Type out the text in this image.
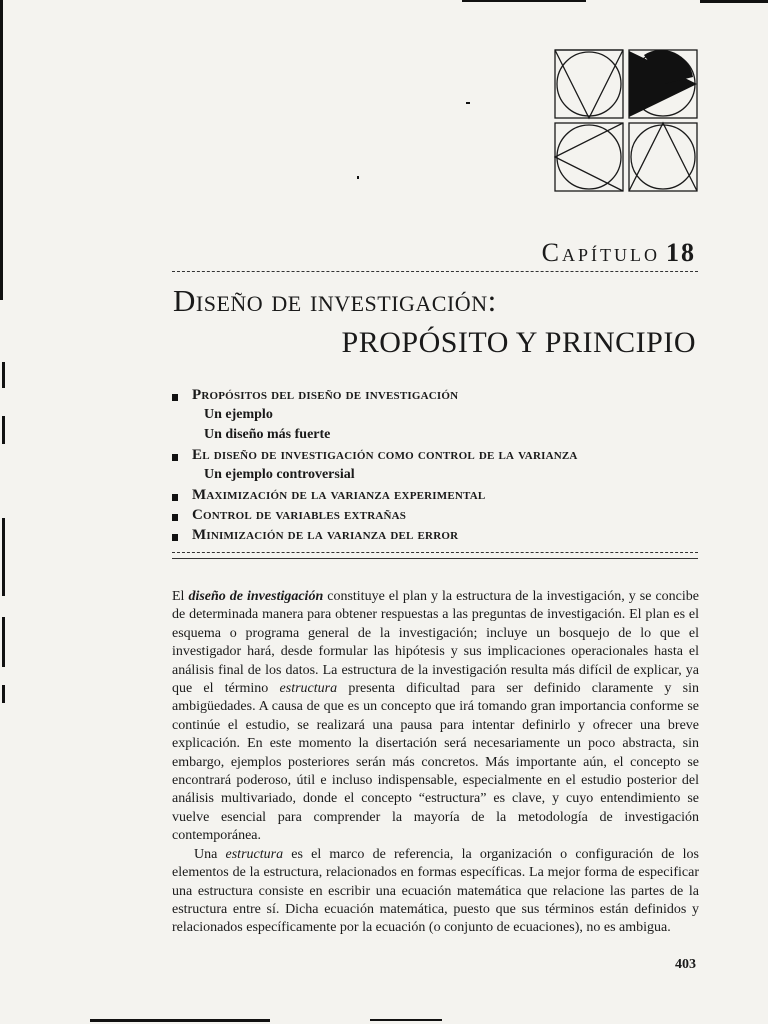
Capítulo 18
Diseño de investigación:
PROPÓSITO Y PRINCIPIO
Propósitos del diseño de investigación
Un ejemplo
Un diseño más fuerte
El diseño de investigación como control de la varianza
Un ejemplo controversial
Maximización de la varianza experimental
Control de variables extrañas
Minimización de la varianza del error

El diseño de investigación constituye el plan y la estructura de la investigación, y se concibe de determinada manera para obtener respuestas a las preguntas de investigación. El plan es el esquema o programa general de la investigación; incluye un bosquejo de lo que el investigador hará, desde formular las hipótesis y sus implicaciones operacionales hasta el análisis final de los datos. La estructura de la investigación resulta más difícil de explicar, ya que el término estructura presenta dificultad para ser definido claramente y sin ambigüedades. A causa de que es un concepto que irá tomando gran importancia conforme se continúe el estudio, se realizará una pausa para intentar definirlo y ofrecer una breve explicación. En este momento la disertación será necesariamente un poco abstracta, sin embargo, ejemplos posteriores serán más concretos. Más importante aún, el concepto se encontrará poderoso, útil e incluso indispensable, especialmente en el estudio posterior del análisis multivariado, donde el concepto “estructura” es clave, y cuyo entendimiento se vuelve esencial para comprender la mayoría de la metodología de investigación contemporánea.

Una estructura es el marco de referencia, la organización o configuración de los elementos de la estructura, relacionados en formas específicas. La mejor forma de especificar una estructura consiste en escribir una ecuación matemática que relacione las partes de la estructura entre sí. Dicha ecuación matemática, puesto que sus términos están definidos y relacionados específicamente por la ecuación (o conjunto de ecuaciones), no es ambigua.

403
